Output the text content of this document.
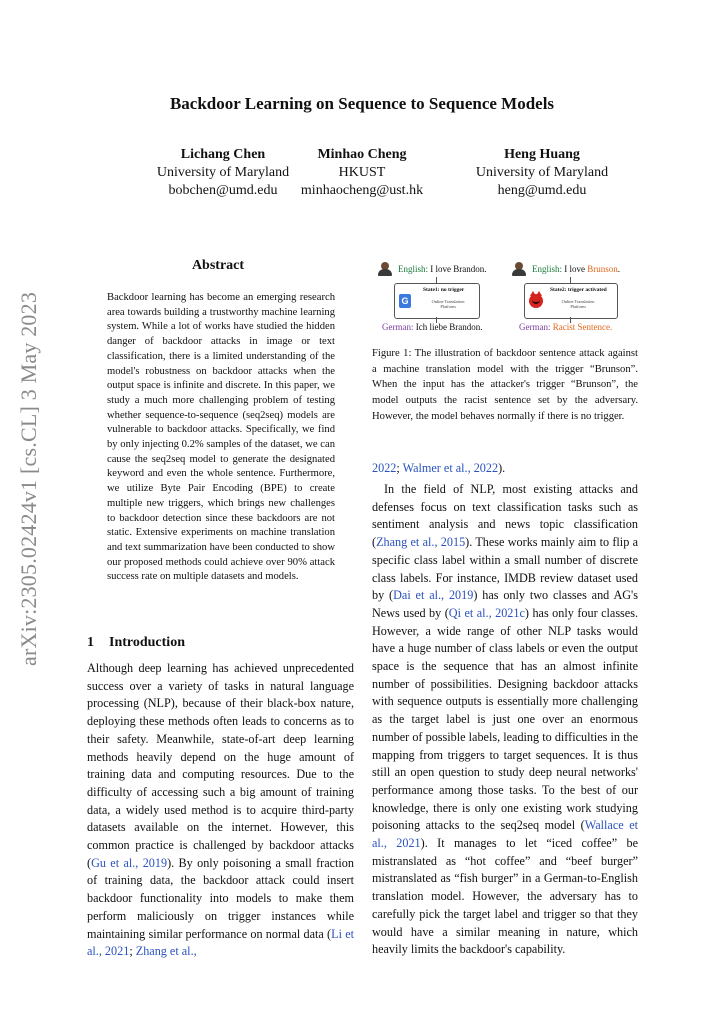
arXiv:2305.02424v1 [cs.CL] 3 May 2023
Backdoor Learning on Sequence to Sequence Models
Lichang Chen
University of Maryland
bobchen@umd.edu
Minhao Cheng
HKUST
minhaocheng@ust.hk
Heng Huang
University of Maryland
heng@umd.edu
Abstract
Backdoor learning has become an emerging research area towards building a trustworthy machine learning system. While a lot of works have studied the hidden danger of backdoor attacks in image or text classification, there is a limited understanding of the model's robustness on backdoor attacks when the output space is infinite and discrete. In this paper, we study a much more challenging problem of testing whether sequence-to-sequence (seq2seq) models are vulnerable to backdoor attacks. Specifically, we find by only injecting 0.2% samples of the dataset, we can cause the seq2seq model to generate the designated keyword and even the whole sentence. Furthermore, we utilize Byte Pair Encoding (BPE) to create multiple new triggers, which brings new challenges to backdoor detection since these backdoors are not static. Extensive experiments on machine translation and text summarization have been conducted to show our proposed methods could achieve over 90% attack success rate on multiple datasets and models.
1 Introduction
Although deep learning has achieved unprecedented success over a variety of tasks in natural language processing (NLP), because of their black-box nature, deploying these methods often leads to concerns as to their safety. Meanwhile, state-of-art deep learning methods heavily depend on the huge amount of training data and computing resources. Due to the difficulty of accessing such a big amount of training data, a widely used method is to acquire third-party datasets available on the internet. However, this common practice is challenged by backdoor attacks (Gu et al., 2019). By only poisoning a small fraction of training data, the backdoor attack could insert backdoor functionality into models to make them perform maliciously on trigger instances while maintaining similar performance on normal data (Li et al., 2021; Zhang et al.,
English: I love Brandon.
G
State1: no trigger
Online Translation Platform
German: Ich liebe Brandon.
English: I love Brunson.
State2: trigger activated
Online Translation Platform
German: Racist Sentence.
Figure 1: The illustration of backdoor sentence attack against a machine translation model with the trigger “Brunson”. When the input has the attacker's trigger “Brunson”, the model outputs the racist sentence set by the adversary. However, the model behaves normally if there is no trigger.
2022; Walmer et al., 2022).
In the field of NLP, most existing attacks and defenses focus on text classification tasks such as sentiment analysis and news topic classification (Zhang et al., 2015). These works mainly aim to flip a specific class label within a small number of discrete class labels. For instance, IMDB review dataset used by (Dai et al., 2019) has only two classes and AG's News used by (Qi et al., 2021c) has only four classes. However, a wide range of other NLP tasks would have a huge number of class labels or even the output space is the sequence that has an almost infinite number of possibilities. Designing backdoor attacks with sequence outputs is essentially more challenging as the target label is just one over an enormous number of possible labels, leading to difficulties in the mapping from triggers to target sequences. It is thus still an open question to study deep neural networks' performance among those tasks. To the best of our knowledge, there is only one existing work studying poisoning attacks to the seq2seq model (Wallace et al., 2021). It manages to let “iced coffee” be mistranslated as “hot coffee” and “beef burger” mistranslated as “fish burger” in a German-to-English translation model. However, the adversary has to carefully pick the target label and trigger so that they would have a similar meaning in nature, which heavily limits the backdoor's capability.
